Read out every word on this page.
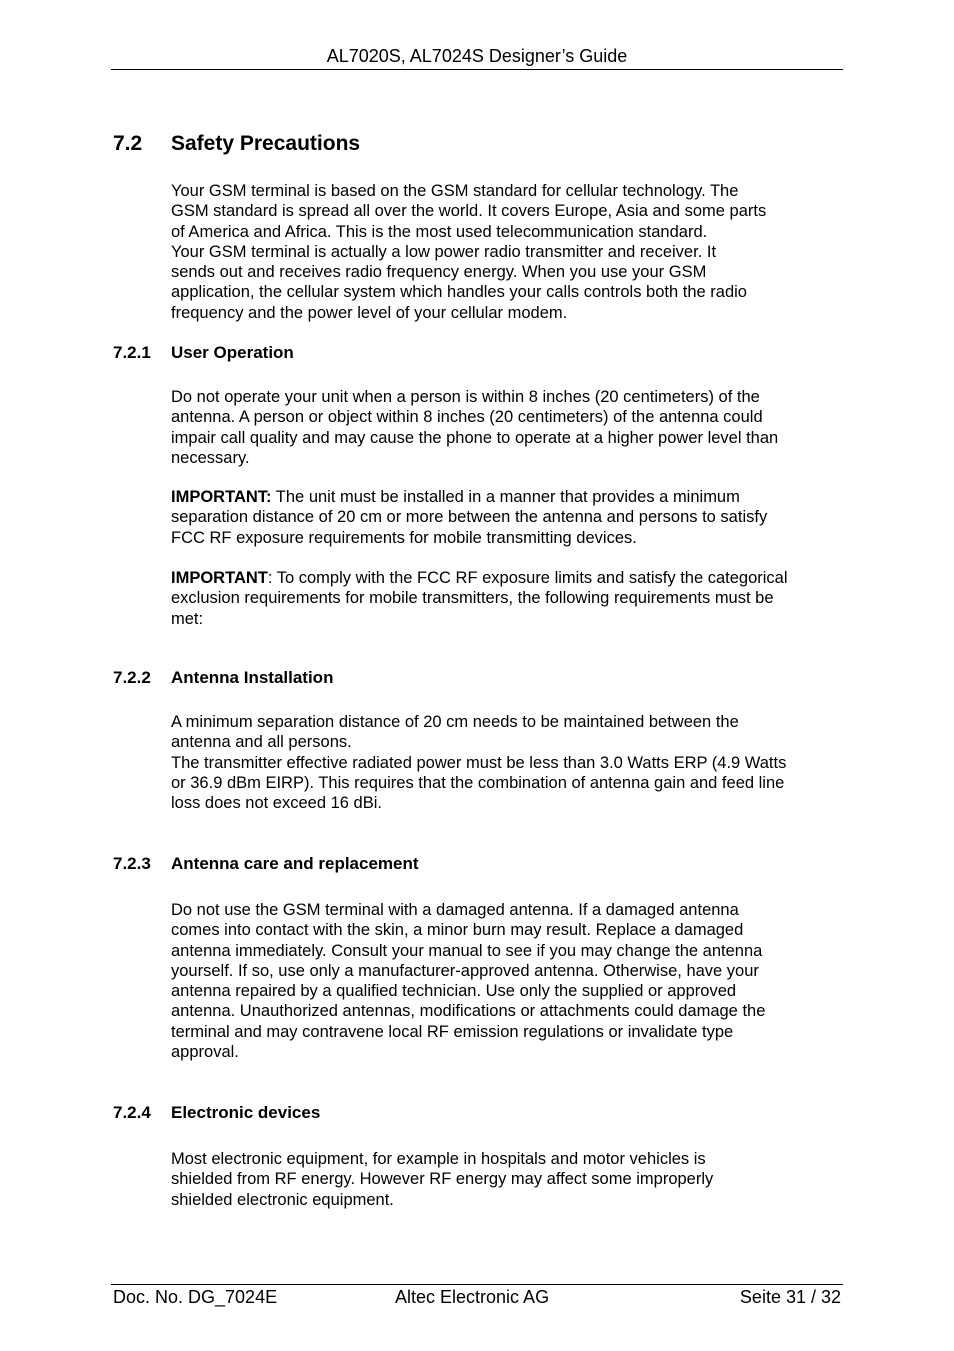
AL7020S, AL7024S Designer’s Guide
7.2 Safety Precautions

Your GSM terminal is based on the GSM standard for cellular technology. The
GSM standard is spread all over the world. It covers Europe, Asia and some parts
of America and Africa. This is the most used telecommunication standard.
Your GSM terminal is actually a low power radio transmitter and receiver. It
sends out and receives radio frequency energy. When you use your GSM
application, the cellular system which handles your calls controls both the radio
frequency and the power level of your cellular modem.

7.2.1 User Operation

Do not operate your unit when a person is within 8 inches (20 centimeters) of the
antenna. A person or object within 8 inches (20 centimeters) of the antenna could
impair call quality and may cause the phone to operate at a higher power level than
necessary.

IMPORTANT: The unit must be installed in a manner that provides a minimum
separation distance of 20 cm or more between the antenna and persons to satisfy
FCC RF exposure requirements for mobile transmitting devices.

IMPORTANT: To comply with the FCC RF exposure limits and satisfy the categorical
exclusion requirements for mobile transmitters, the following requirements must be
met:

7.2.2 Antenna Installation

A minimum separation distance of 20 cm needs to be maintained between the
antenna and all persons.
The transmitter effective radiated power must be less than 3.0 Watts ERP (4.9 Watts
or 36.9 dBm EIRP). This requires that the combination of antenna gain and feed line
loss does not exceed 16 dBi.

7.2.3 Antenna care and replacement

Do not use the GSM terminal with a damaged antenna. If a damaged antenna
comes into contact with the skin, a minor burn may result. Replace a damaged
antenna immediately. Consult your manual to see if you may change the antenna
yourself. If so, use only a manufacturer-approved antenna. Otherwise, have your
antenna repaired by a qualified technician. Use only the supplied or approved
antenna. Unauthorized antennas, modifications or attachments could damage the
terminal and may contravene local RF emission regulations or invalidate type
approval.

7.2.4 Electronic devices

Most electronic equipment, for example in hospitals and motor vehicles is
shielded from RF energy. However RF energy may affect some improperly
shielded electronic equipment.

Doc. No. DG_7024E	Altec Electronic AG	Seite 31 / 32
